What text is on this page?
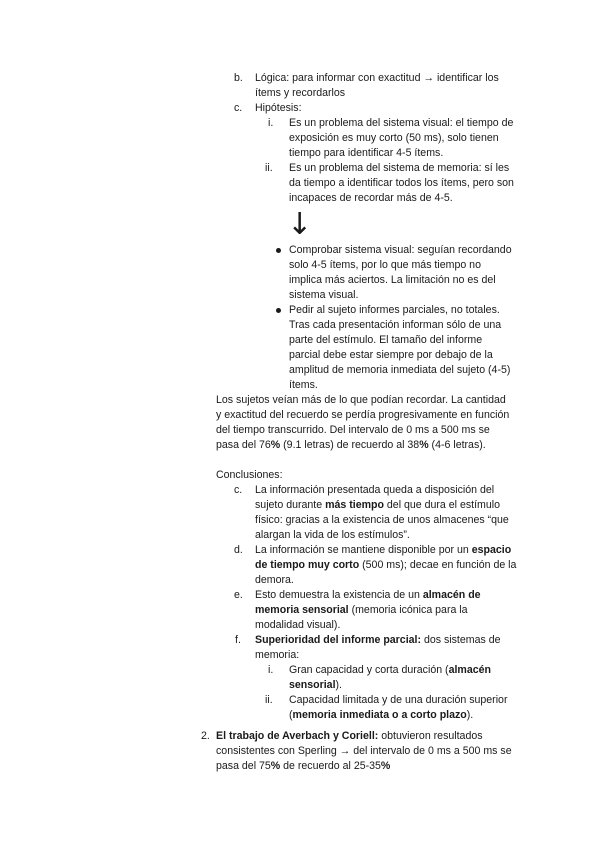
b. Lógica: para informar con exactitud → identificar los
ítems y recordarlos
c. Hipótesis:
i. Es un problema del sistema visual: el tiempo de
exposición es muy corto (50 ms), solo tienen
tiempo para identificar 4-5 ítems.
ii. Es un problema del sistema de memoria: sí les
da tiempo a identificar todos los ítems, pero son
incapaces de recordar más de 4-5.
↓
Comprobar sistema visual: seguían recordando
solo 4-5 ítems, por lo que más tiempo no
implica más aciertos. La limitación no es del
sistema visual.
Pedir al sujeto informes parciales, no totales.
Tras cada presentación informan sólo de una
parte del estímulo. El tamaño del informe
parcial debe estar siempre por debajo de la
amplitud de memoria inmediata del sujeto (4-5)
ítems.
Los sujetos veían más de lo que podían recordar. La cantidad
y exactitud del recuerdo se perdía progresivamente en función
del tiempo transcurrido. Del intervalo de 0 ms a 500 ms se
pasa del 76% (9.1 letras) de recuerdo al 38% (4-6 letras).
Conclusiones:
c. La información presentada queda a disposición del
sujeto durante más tiempo del que dura el estímulo
físico: gracias a la existencia de unos almacenes “que
alargan la vida de los estímulos”.
d. La información se mantiene disponible por un espacio
de tiempo muy corto (500 ms); decae en función de la
demora.
e. Esto demuestra la existencia de un almacén de
memoria sensorial (memoria icónica para la
modalidad visual).
f. Superioridad del informe parcial: dos sistemas de
memoria:
i. Gran capacidad y corta duración (almacén
sensorial).
ii. Capacidad limitada y de una duración superior
(memoria inmediata o a corto plazo).
2. El trabajo de Averbach y Coriell: obtuvieron resultados
consistentes con Sperling → del intervalo de 0 ms a 500 ms se
pasa del 75% de recuerdo al 25-35%
